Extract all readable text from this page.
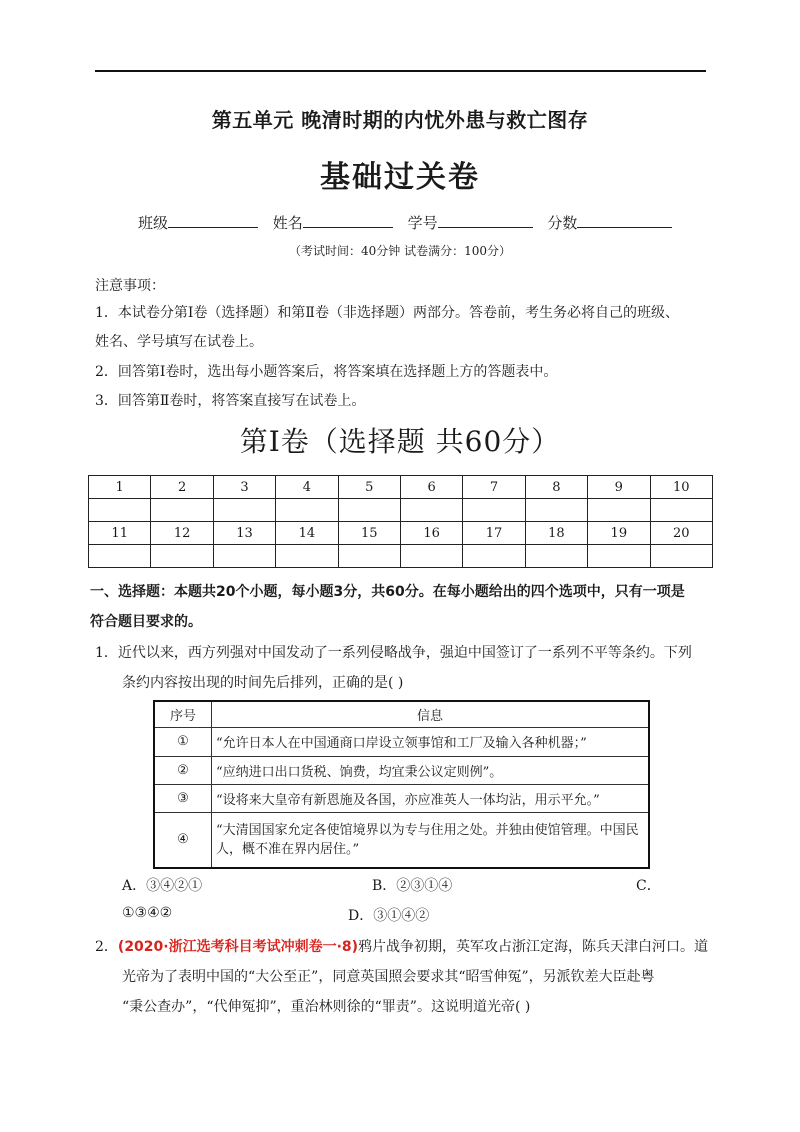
第五单元 晚清时期的内忧外患与救亡图存
基础过关卷
班级	姓名	学号	分数
（考试时间：40分钟 试卷满分：100分）
注意事项：
1．本试卷分第Ⅰ卷（选择题）和第Ⅱ卷（非选择题）两部分。答卷前，考生务必将自己的班级、
姓名、学号填写在试卷上。
2．回答第Ⅰ卷时，选出每小题答案后，将答案填在选择题上方的答题表中。
3．回答第Ⅱ卷时，将答案直接写在试卷上。
第Ⅰ卷（选择题 共60分）
1	2	3	4	5	6	7	8	9	10

11	12	13	14	15	16	17	18	19	20

一、选择题：本题共20个小题，每小题3分，共60分。在每小题给出的四个选项中，只有一项是
符合题目要求的。
1．近代以来，西方列强对中国发动了一系列侵略战争，强迫中国签订了一系列不平等条约。下列
条约内容按出现的时间先后排列，正确的是( )
序号	信息
①	“允许日本人在中国通商口岸设立领事馆和工厂及输入各种机器；”
②	“应纳进口出口货税、饷费，均宜秉公议定则例”。
③	“设将来大皇帝有新恩施及各国，亦应准英人一体均沾，用示平允。”
④	“大清国国家允定各使馆境界以为专与住用之处。并独由使馆管理。中国民人，概不准在界内居住。”
A．③④②①	B．②③①④	C．
①③④②	D．③①④②
2．(2020·浙江选考科目考试冲刺卷一·8)鸦片战争初期，英军攻占浙江定海，陈兵天津白河口。道
光帝为了表明中国的“大公至正”，同意英国照会要求其“昭雪伸冤”，另派钦差大臣赴粤
“秉公查办”，“代伸冤抑”，重治林则徐的“罪责”。这说明道光帝( )
